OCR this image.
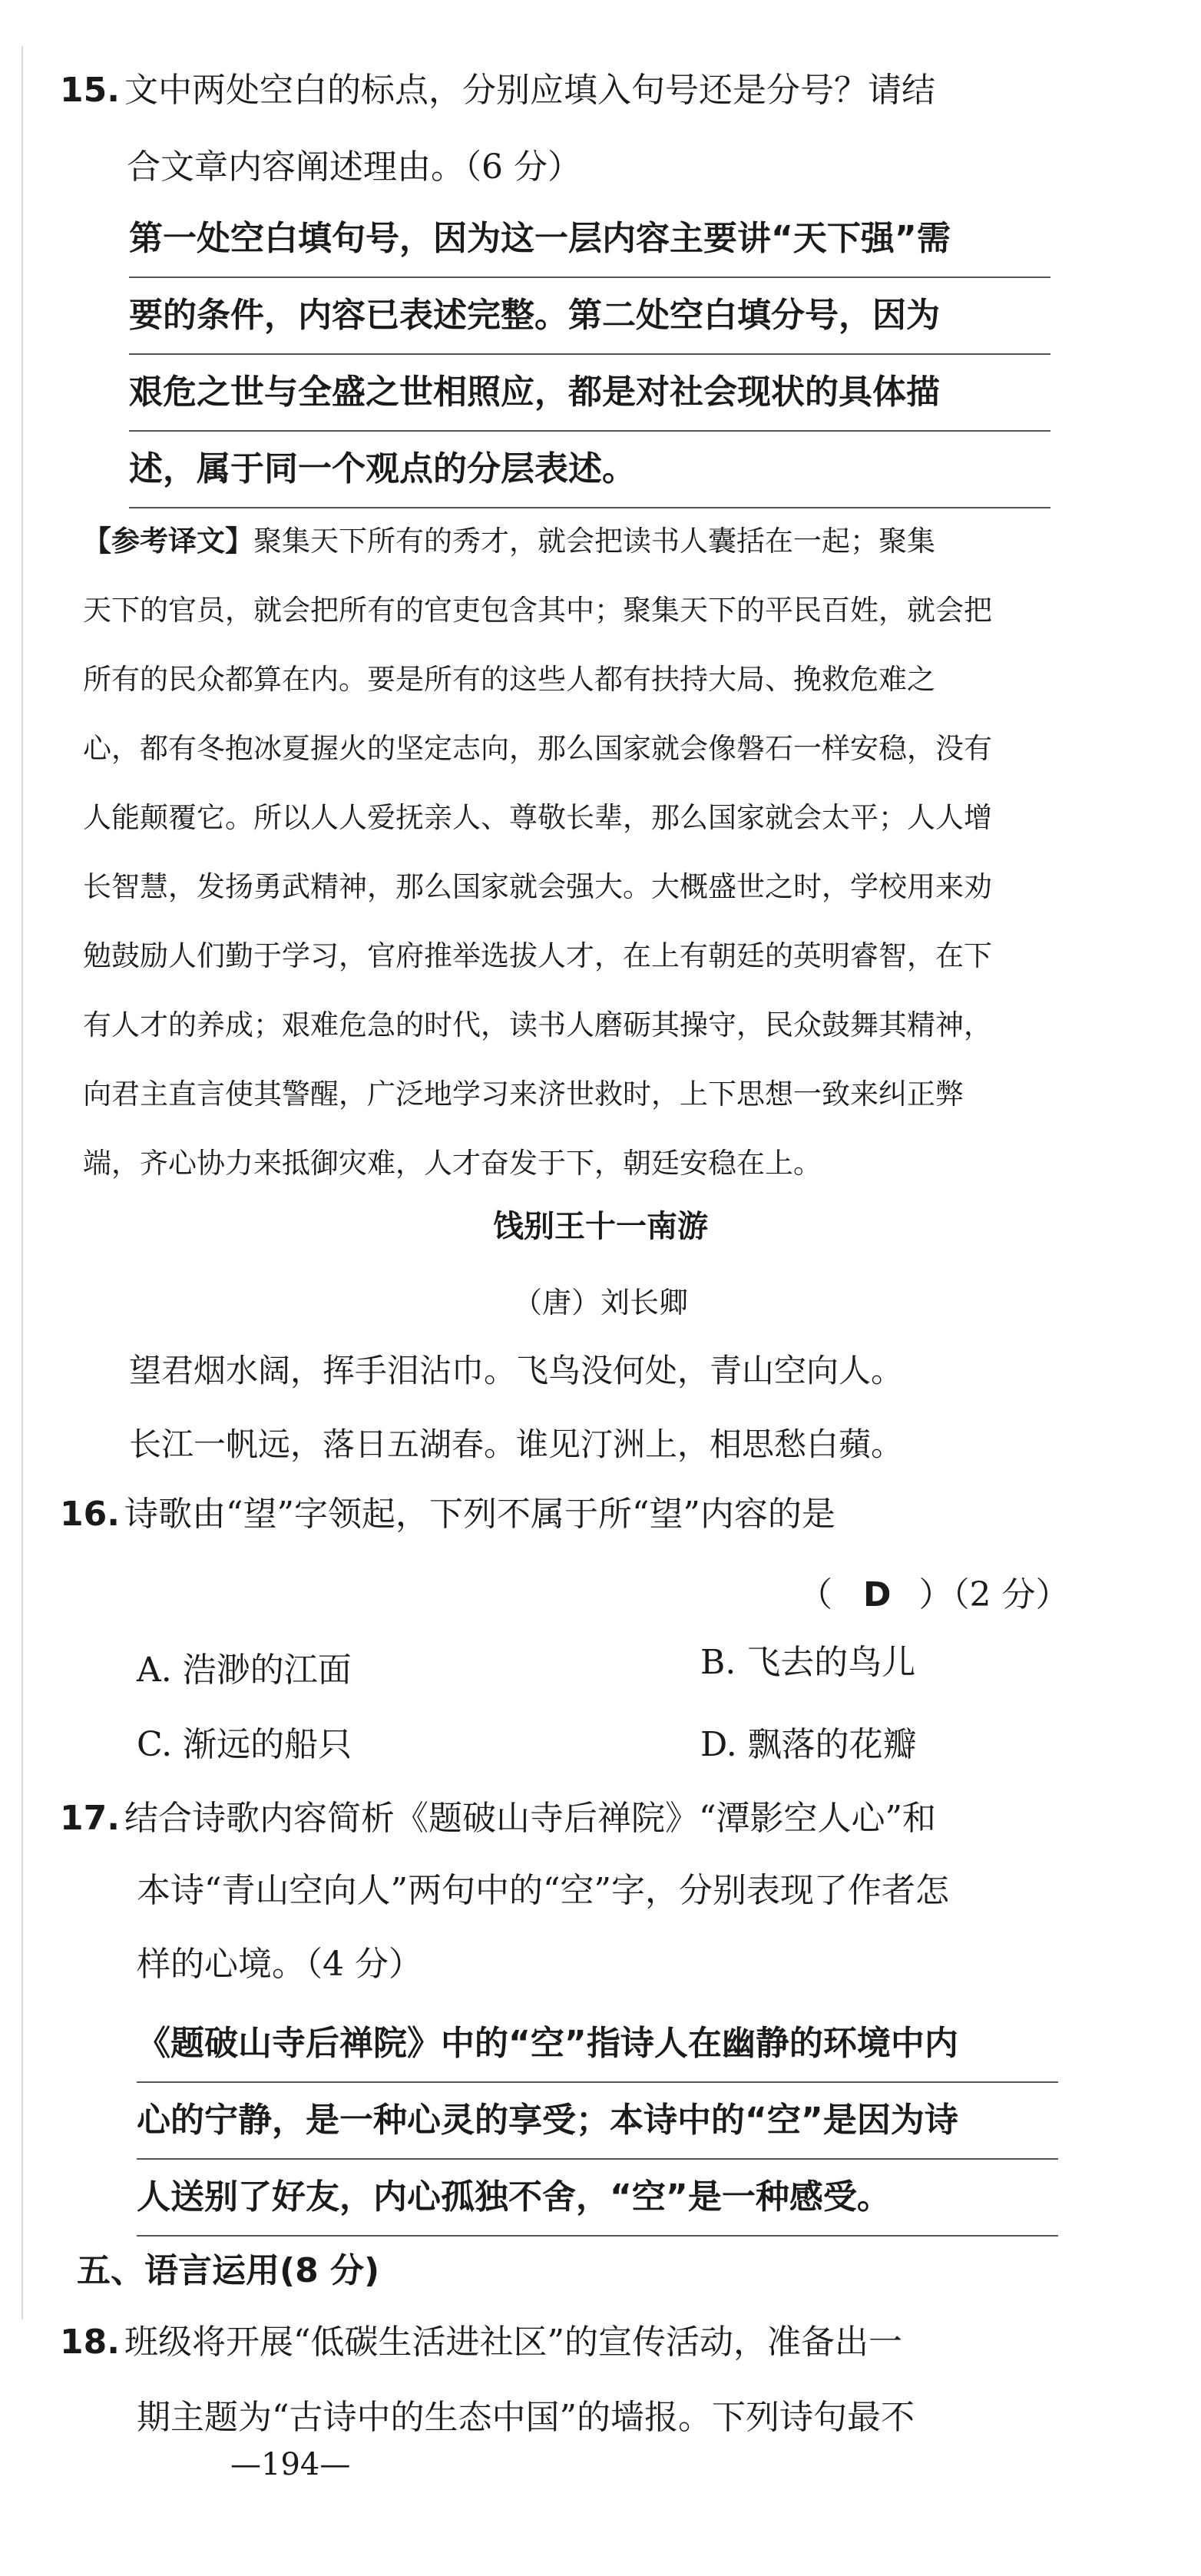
15. 文中两处空白的标点，分别应填入句号还是分号？请结
合文章内容阐述理由。（6 分）
第一处空白填句号，因为这一层内容主要讲“天下强”需
要的条件，内容已表述完整。第二处空白填分号，因为
艰危之世与全盛之世相照应，都是对社会现状的具体描
述，属于同一个观点的分层表述。
【参考译文】聚集天下所有的秀才，就会把读书人囊括在一起；聚集
天下的官员，就会把所有的官吏包含其中；聚集天下的平民百姓，就会把
所有的民众都算在内。要是所有的这些人都有扶持大局、挽救危难之
心，都有冬抱冰夏握火的坚定志向，那么国家就会像磐石一样安稳，没有
人能颠覆它。所以人人爱抚亲人、尊敬长辈，那么国家就会太平；人人增
长智慧，发扬勇武精神，那么国家就会强大。大概盛世之时，学校用来劝
勉鼓励人们勤于学习，官府推举选拔人才，在上有朝廷的英明睿智，在下
有人才的养成；艰难危急的时代，读书人磨砺其操守，民众鼓舞其精神，
向君主直言使其警醒，广泛地学习来济世救时，上下思想一致来纠正弊
端，齐心协力来抵御灾难，人才奋发于下，朝廷安稳在上。
饯别王十一南游
（唐）刘长卿
望君烟水阔，挥手泪沾巾。飞鸟没何处，青山空向人。
长江一帆远，落日五湖春。谁见汀洲上，相思愁白蘋。
16. 诗歌由“望”字领起，下列不属于所“望”内容的是
（ D ）（2 分）
A. 浩渺的江面	B. 飞去的鸟儿
C. 渐远的船只	D. 飘落的花瓣
17. 结合诗歌内容简析《题破山寺后禅院》“潭影空人心”和
本诗“青山空向人”两句中的“空”字，分别表现了作者怎
样的心境。（4 分）
《题破山寺后禅院》中的“空”指诗人在幽静的环境中内
心的宁静，是一种心灵的享受；本诗中的“空”是因为诗
人送别了好友，内心孤独不舍，“空”是一种感受。
五、语言运用(8 分)
18. 班级将开展“低碳生活进社区”的宣传活动，准备出一
期主题为“古诗中的生态中国”的墙报。下列诗句最不
—194—
